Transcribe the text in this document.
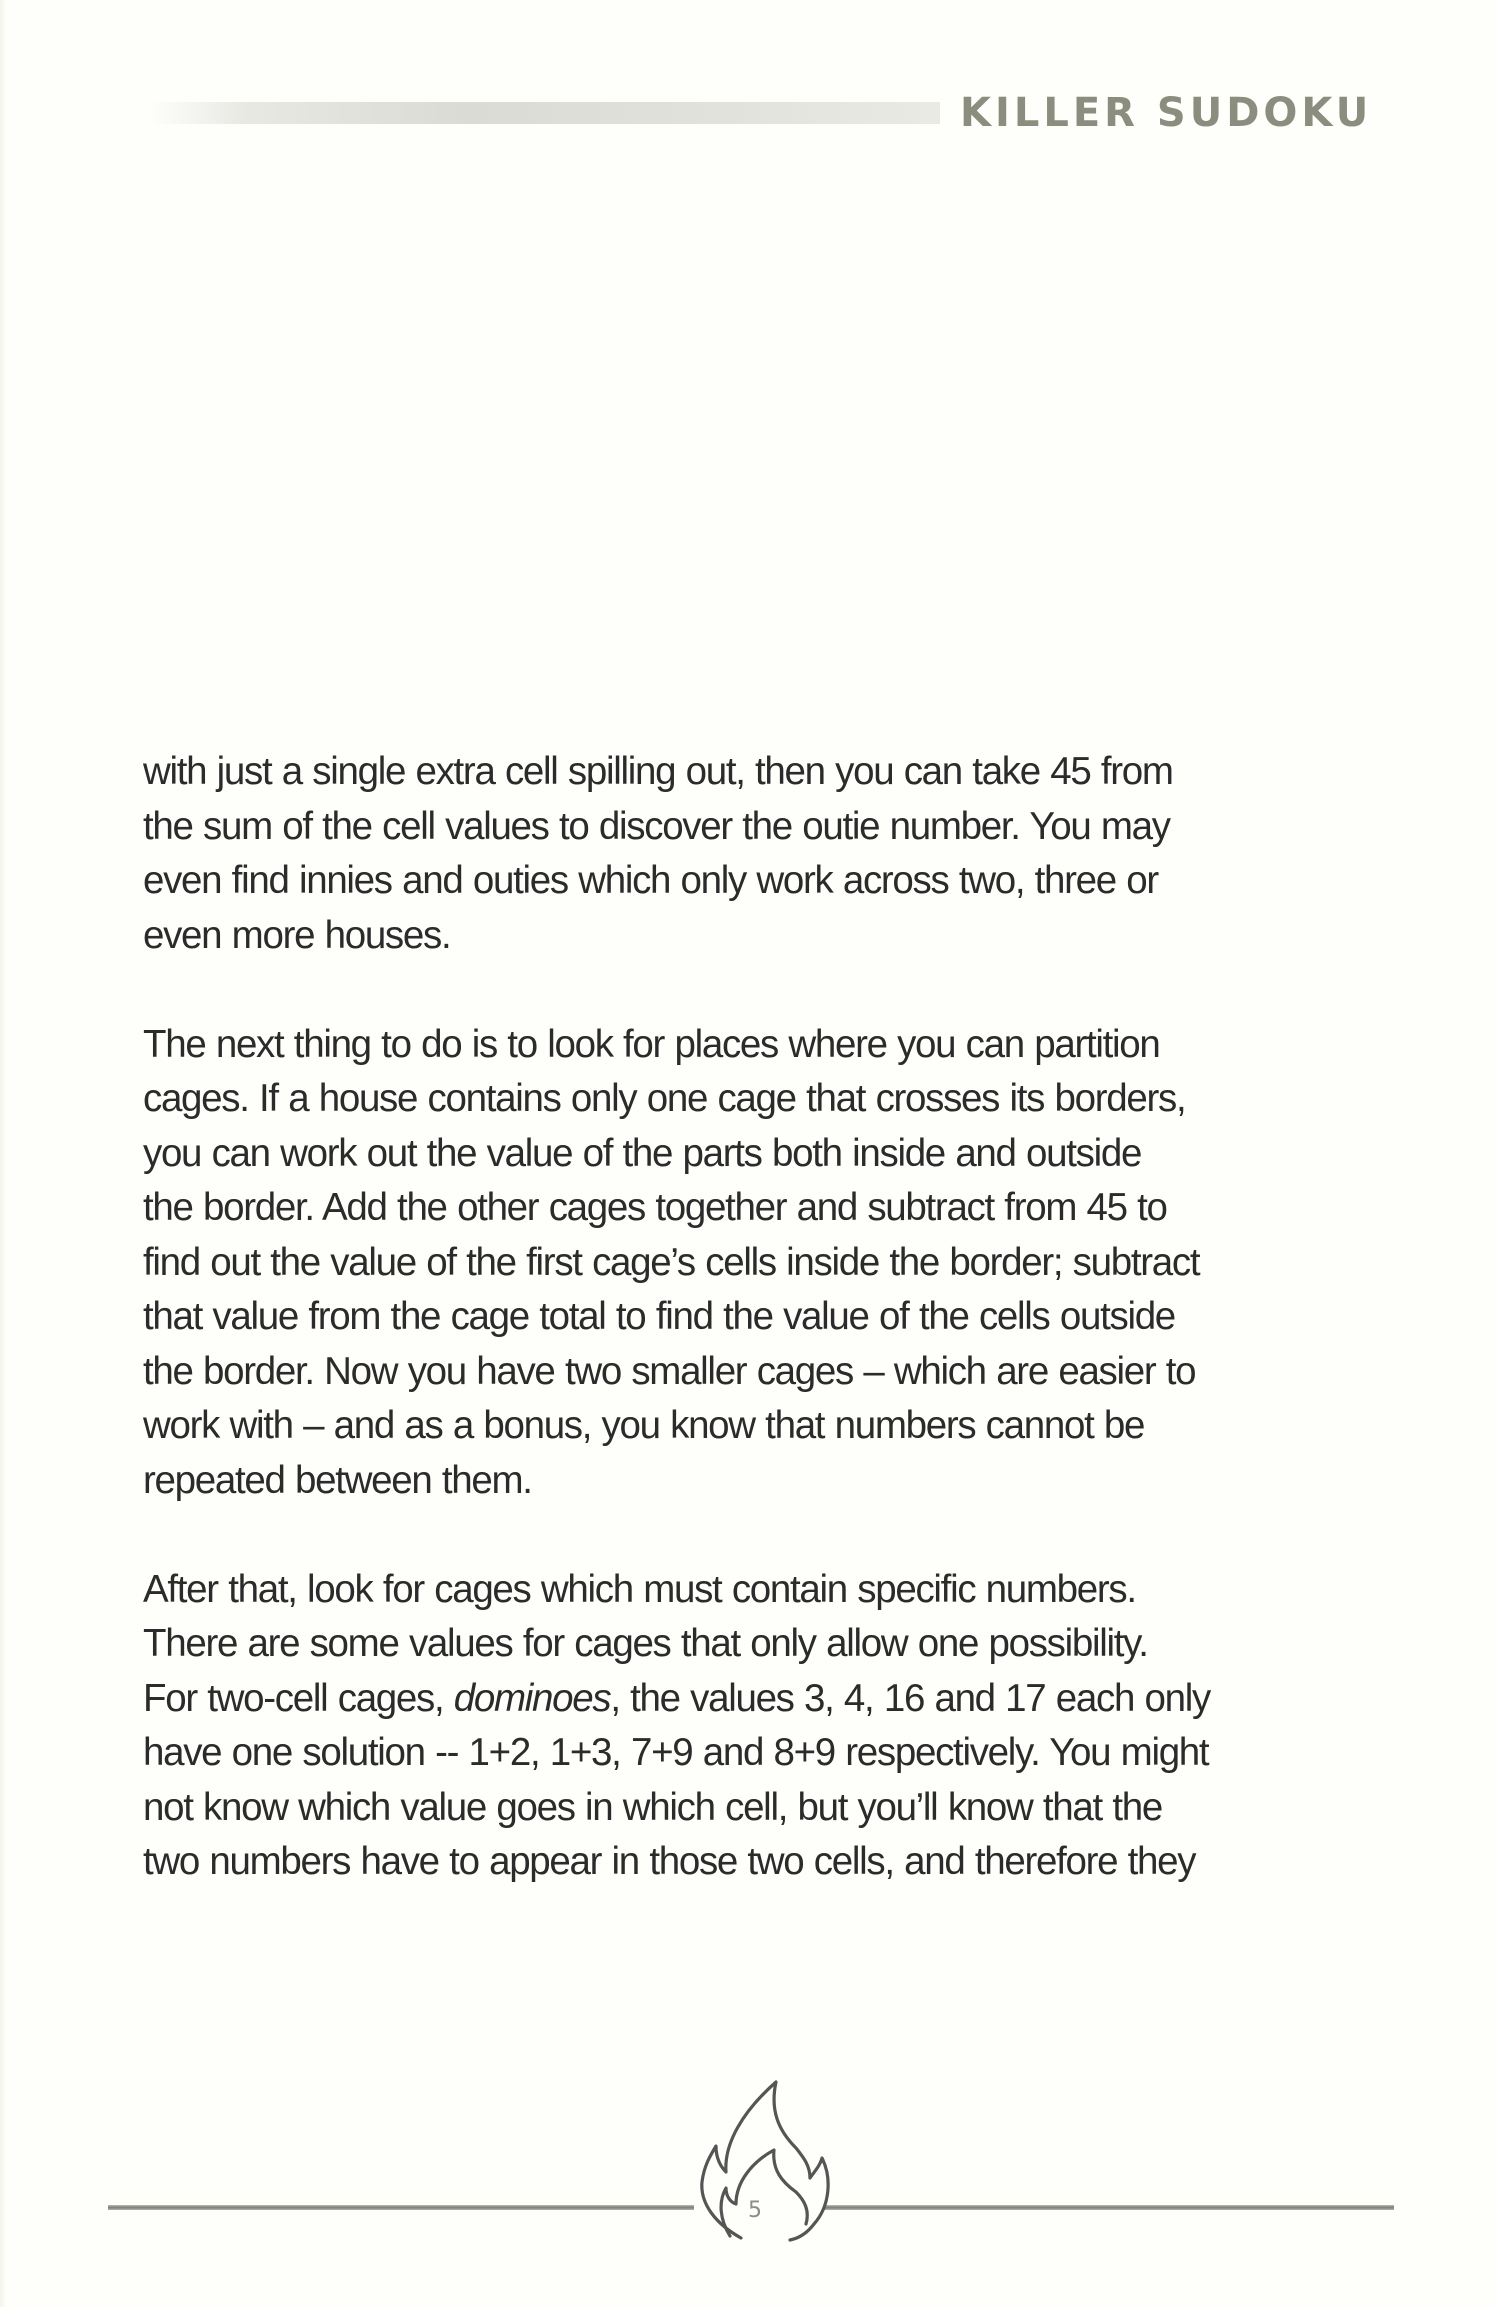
KILLER SUDOKU

with just a single extra cell spilling out, then you can take 45 from
the sum of the cell values to discover the outie number. You may
even find innies and outies which only work across two, three or
even more houses.

The next thing to do is to look for places where you can partition
cages. If a house contains only one cage that crosses its borders,
you can work out the value of the parts both inside and outside
the border. Add the other cages together and subtract from 45 to
find out the value of the first cage’s cells inside the border; subtract
that value from the cage total to find the value of the cells outside
the border. Now you have two smaller cages – which are easier to
work with – and as a bonus, you know that numbers cannot be
repeated between them.

After that, look for cages which must contain specific numbers.
There are some values for cages that only allow one possibility.
For two-cell cages, dominoes, the values 3, 4, 16 and 17 each only
have one solution -- 1+2, 1+3, 7+9 and 8+9 respectively. You might
not know which value goes in which cell, but you’ll know that the
two numbers have to appear in those two cells, and therefore they

5
